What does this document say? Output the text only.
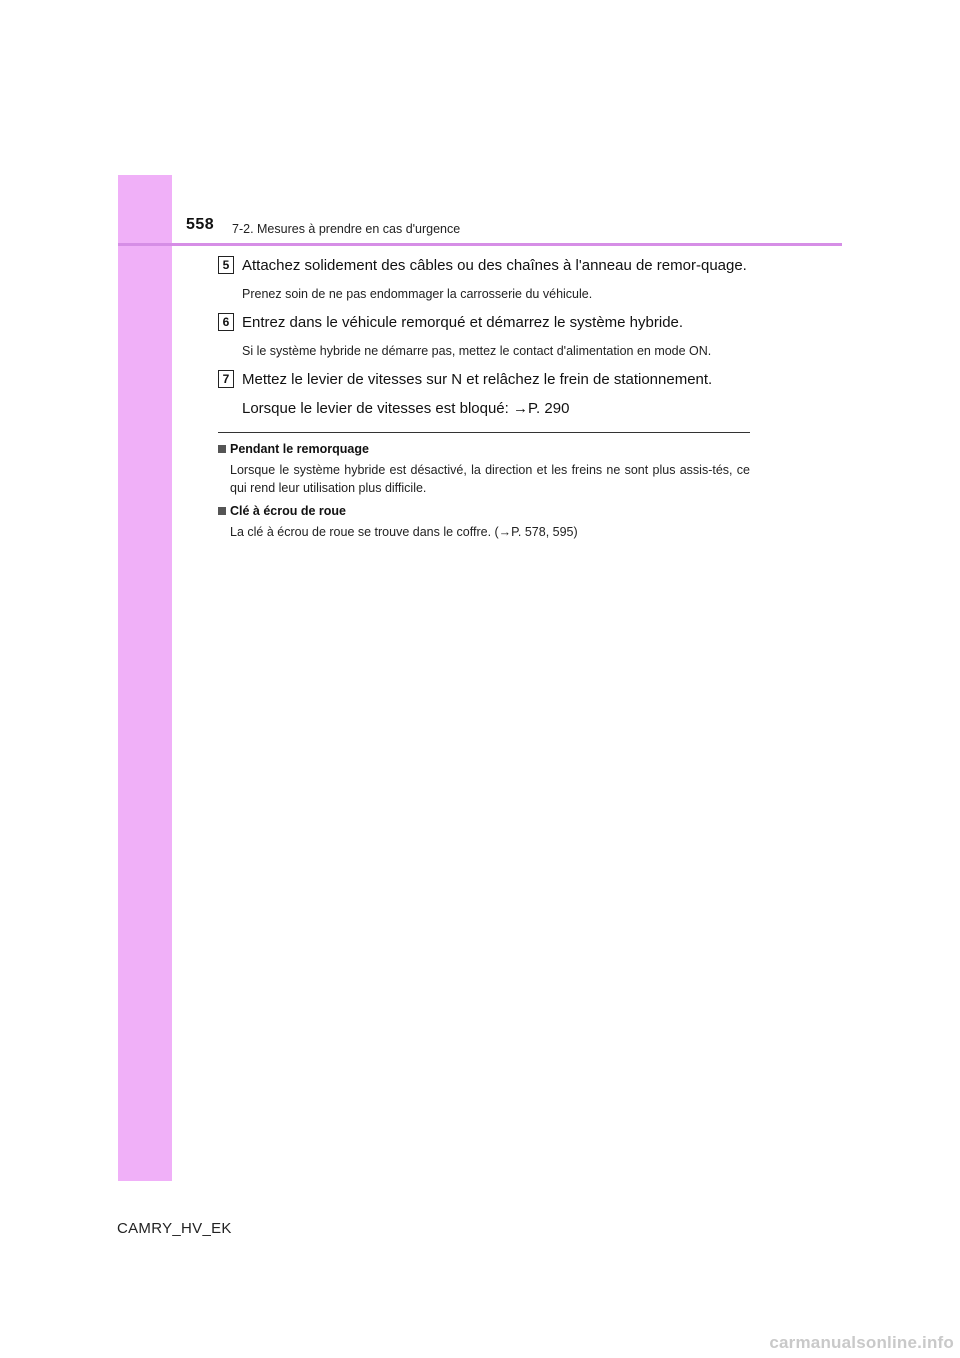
558 7-2. Mesures à prendre en cas d'urgence
5 Attachez solidement des câbles ou des chaînes à l'anneau de remor-quage.
Prenez soin de ne pas endommager la carrosserie du véhicule.
6 Entrez dans le véhicule remorqué et démarrez le système hybride.
Si le système hybride ne démarre pas, mettez le contact d'alimentation en mode ON.
7 Mettez le levier de vitesses sur N et relâchez le frein de stationnement.
Lorsque le levier de vitesses est bloqué: →P. 290
Pendant le remorquage
Lorsque le système hybride est désactivé, la direction et les freins ne sont plus assis-tés, ce qui rend leur utilisation plus difficile.
Clé à écrou de roue
La clé à écrou de roue se trouve dans le coffre. (→P. 578, 595)
CAMRY_HV_EK
carmanualsonline.info
